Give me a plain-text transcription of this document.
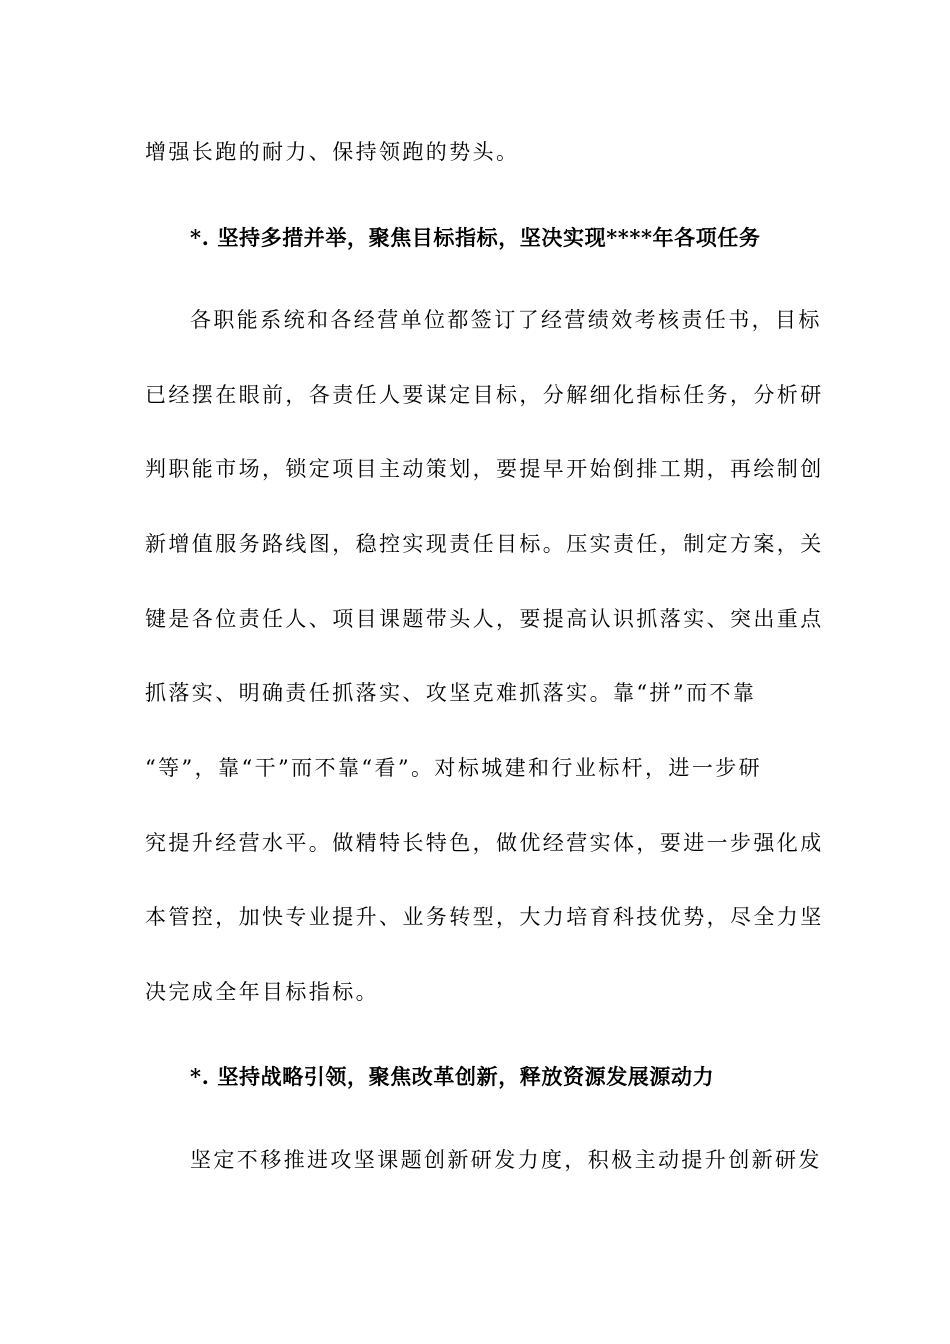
增强长跑的耐力、保持领跑的势头。
*. 坚持多措并举，聚焦目标指标，坚决实现****年各项任务
各职能系统和各经营单位都签订了经营绩效考核责任书，目标
已经摆在眼前，各责任人要谋定目标，分解细化指标任务，分析研
判职能市场，锁定项目主动策划，要提早开始倒排工期，再绘制创
新增值服务路线图，稳控实现责任目标。压实责任，制定方案，关
键是各位责任人、项目课题带头人，要提高认识抓落实、突出重点
抓落实、明确责任抓落实、攻坚克难抓落实。靠“拼”而不靠
“等”，靠“干”而不靠“看”。对标城建和行业标杆，进一步研
究提升经营水平。做精特长特色，做优经营实体，要进一步强化成
本管控，加快专业提升、业务转型，大力培育科技优势，尽全力坚
决完成全年目标指标。
*. 坚持战略引领，聚焦改革创新，释放资源发展源动力
坚定不移推进攻坚课题创新研发力度，积极主动提升创新研发
